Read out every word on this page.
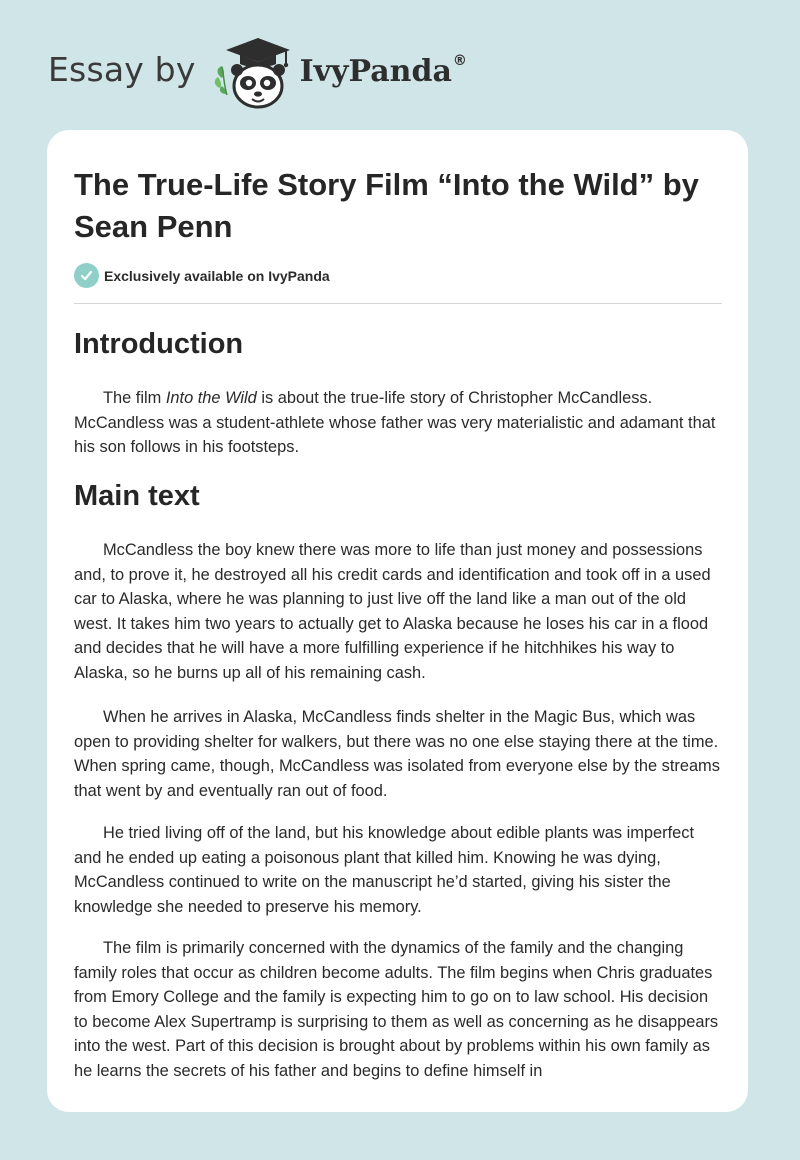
Essay by	IvyPanda®
The True-Life Story Film “Into the Wild” by Sean Penn
Exclusively available on IvyPanda
Introduction

The film Into the Wild is about the true-life story of Christopher McCandless. McCandless was a student-athlete whose father was very materialistic and adamant that his son follows in his footsteps.

Main text

McCandless the boy knew there was more to life than just money and possessions and, to prove it, he destroyed all his credit cards and identification and took off in a used car to Alaska, where he was planning to just live off the land like a man out of the old west. It takes him two years to actually get to Alaska because he loses his car in a flood and decides that he will have a more fulfilling experience if he hitchhikes his way to Alaska, so he burns up all of his remaining cash.

When he arrives in Alaska, McCandless finds shelter in the Magic Bus, which was open to providing shelter for walkers, but there was no one else staying there at the time. When spring came, though, McCandless was isolated from everyone else by the streams that went by and eventually ran out of food.

He tried living off of the land, but his knowledge about edible plants was imperfect and he ended up eating a poisonous plant that killed him. Knowing he was dying, McCandless continued to write on the manuscript he’d started, giving his sister the knowledge she needed to preserve his memory.

The film is primarily concerned with the dynamics of the family and the changing family roles that occur as children become adults. The film begins when Chris graduates from Emory College and the family is expecting him to go on to law school. His decision to become Alex Supertramp is surprising to them as well as concerning as he disappears into the west. Part of this decision is brought about by problems within his own family as he learns the secrets of his father and begins to define himself in
